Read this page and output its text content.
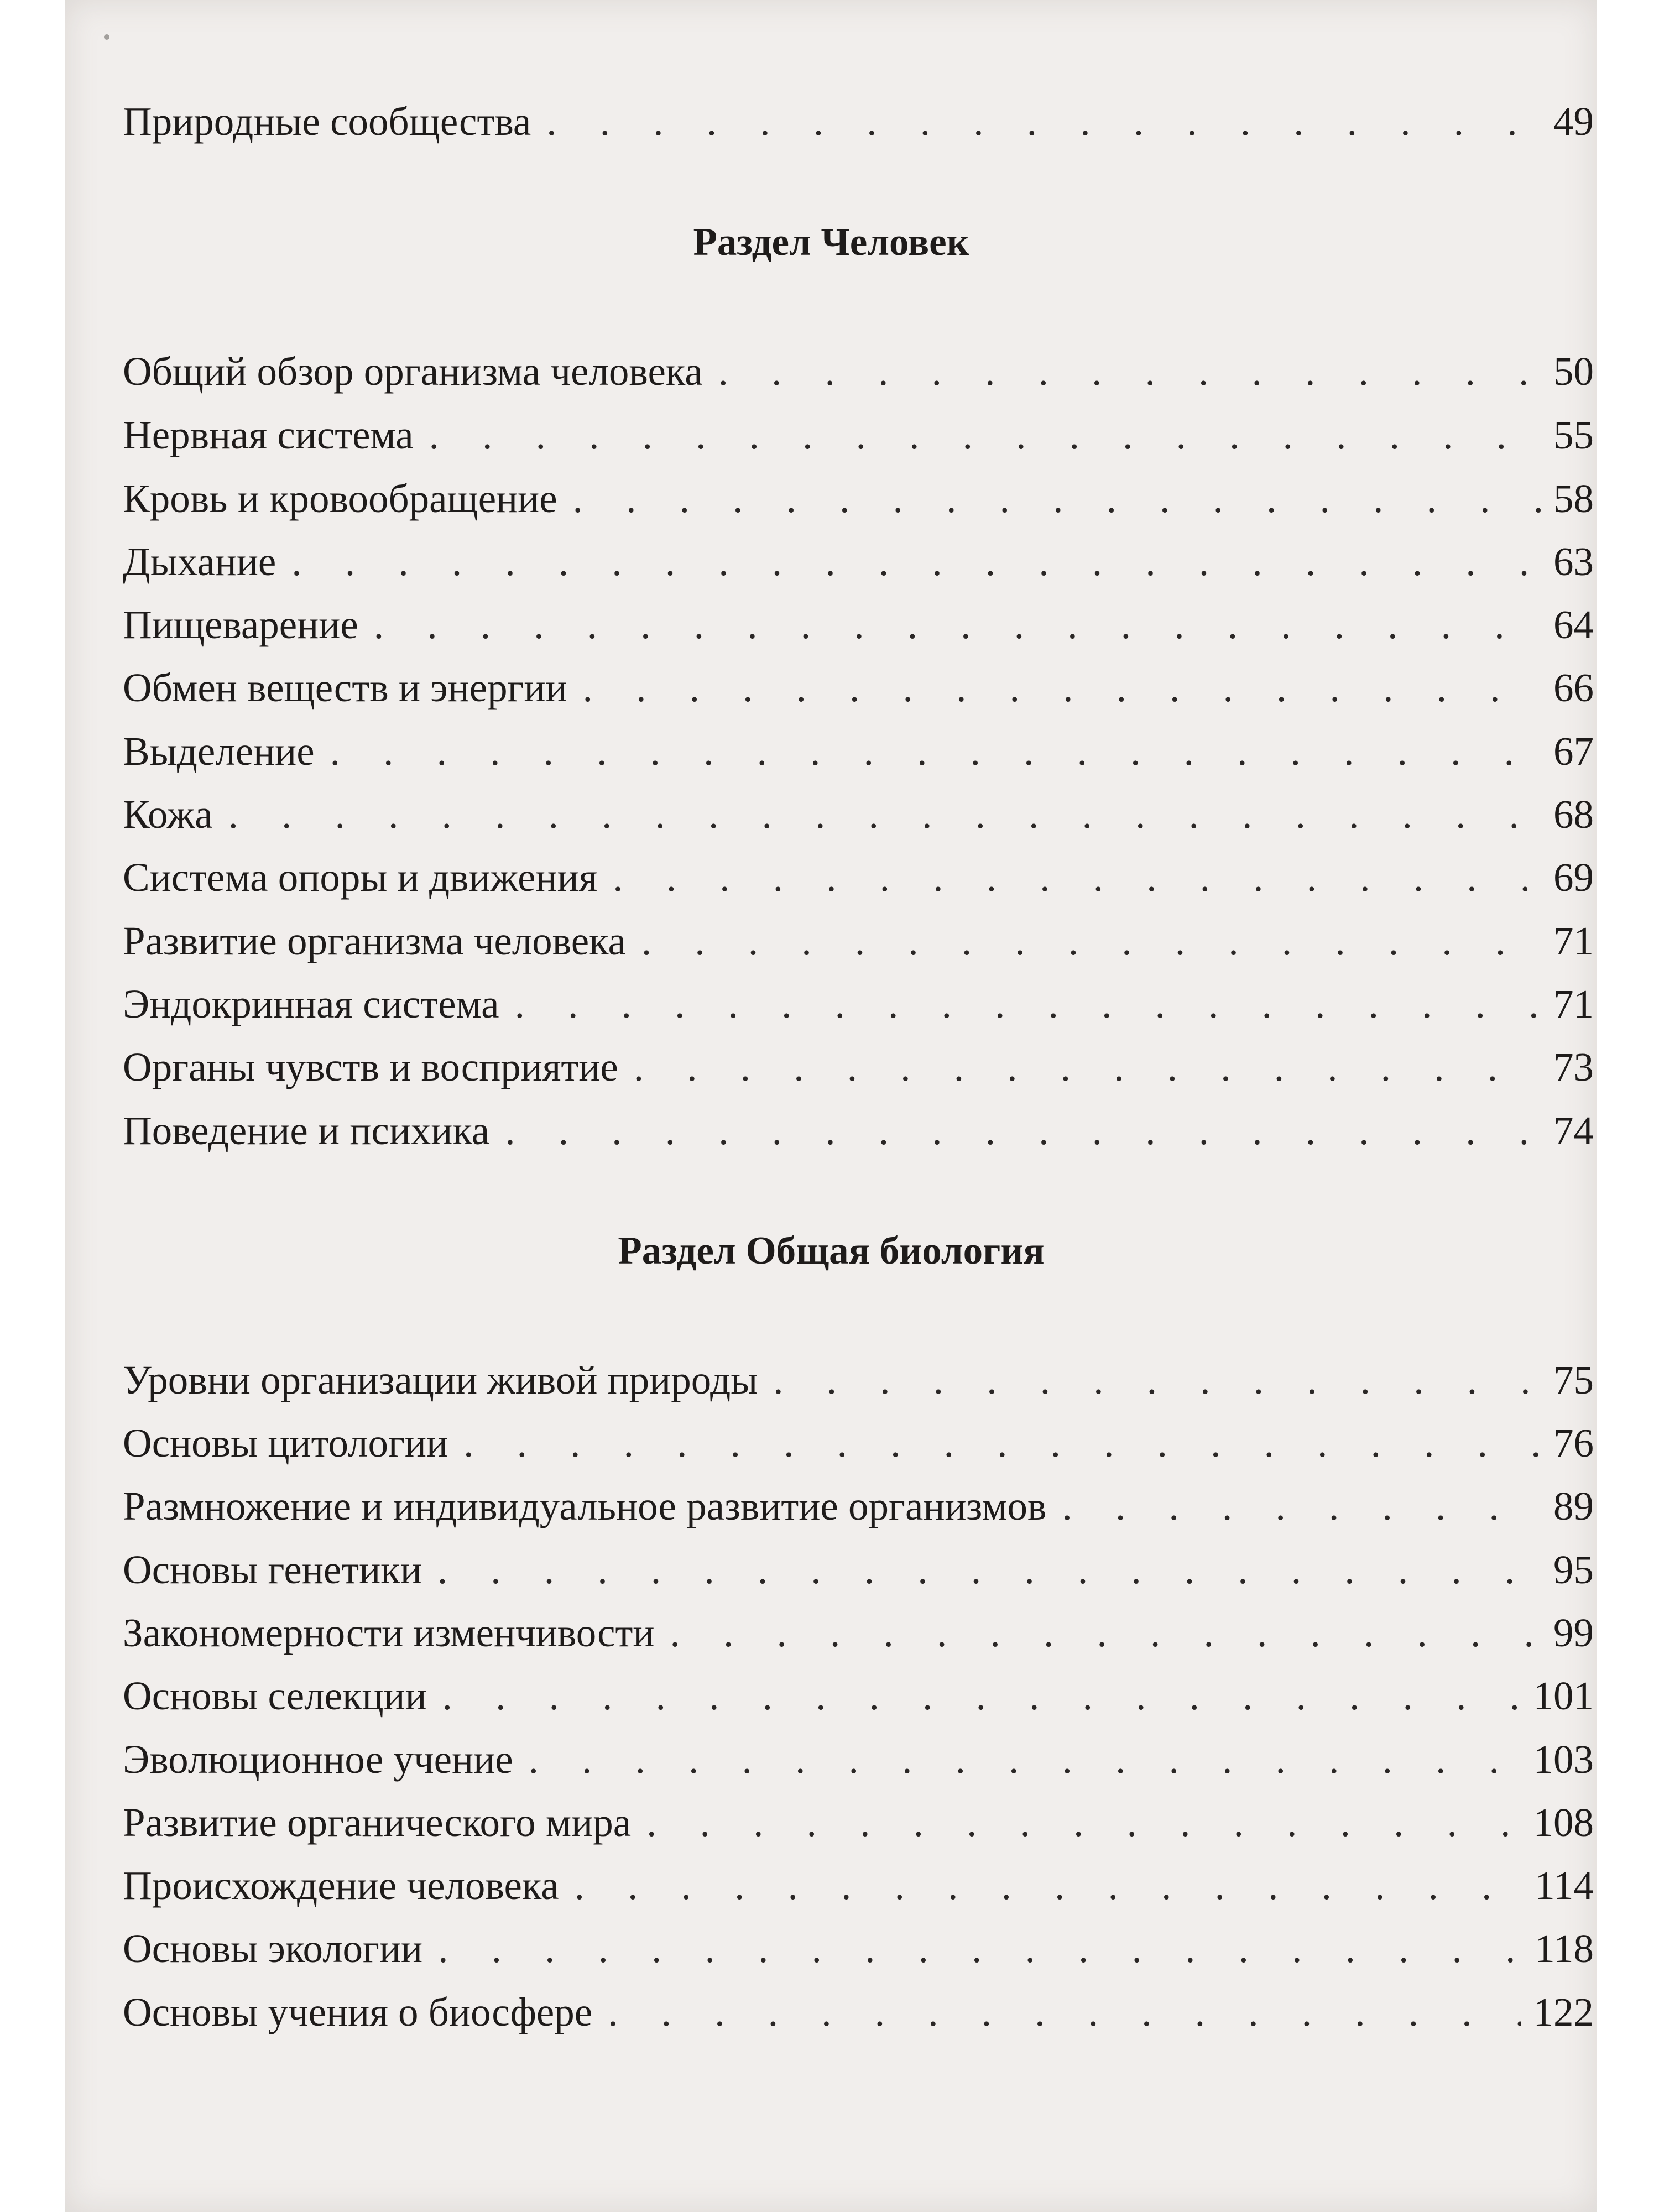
Природные сообщества . . .	49
Раздел Человек
Общий обзор организма человека . . .	50
Нервная система . . .	55
Кровь и кровообращение . . .	58
Дыхание . . .	63
Пищеварение . . .	64
Обмен веществ и энергии . . .	66
Выделение . . .	67
Кожа . . .	68
Система опоры и движения . . .	69
Развитие организма человека . . .	71
Эндокринная система . . .	71
Органы чувств и восприятие . . .	73
Поведение и психика . . .	74
Раздел Общая биология
Уровни организации живой природы . . .	75
Основы цитологии . . .	76
Размножение и индивидуальное развитие организмов . . .	89
Основы генетики . . .	95
Закономерности изменчивости . . .	99
Основы селекции . . .	101
Эволюционное учение . . .	103
Развитие органического мира . . .	108
Происхождение человека . . .	114
Основы экологии . . .	118
Основы учения о биосфере . . .	122
